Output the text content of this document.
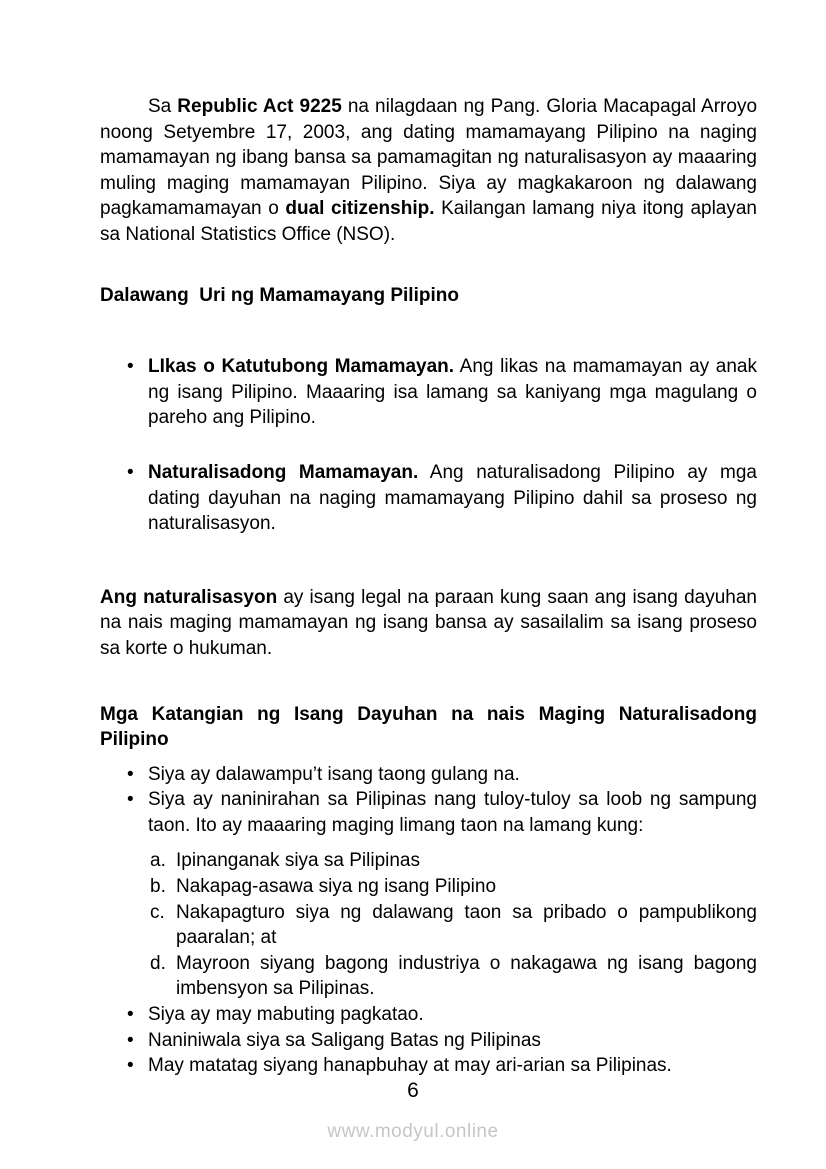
Sa Republic Act 9225 na nilagdaan ng Pang. Gloria Macapagal Arroyo noong Setyembre 17, 2003, ang dating mamamayang Pilipino na naging mamamayan ng ibang bansa sa pamamagitan ng naturalisasyon ay maaaring muling maging mamamayan Pilipino. Siya ay magkakaroon ng dalawang pagkamamamayan o dual citizenship. Kailangan lamang niya itong aplayan sa National Statistics Office (NSO).

Dalawang  Uri ng Mamamayang Pilipino

• LIkas o Katutubong Mamamayan. Ang likas na mamamayan ay anak ng isang Pilipino. Maaaring isa lamang sa kaniyang mga magulang o pareho ang Pilipino.
• Naturalisadong Mamamayan. Ang naturalisadong Pilipino ay mga dating dayuhan na naging mamamayang Pilipino dahil sa proseso ng naturalisasyon.

Ang naturalisasyon ay isang legal na paraan kung saan ang isang dayuhan na nais maging mamamayan ng isang bansa ay sasailalim sa isang proseso sa korte o hukuman.

Mga Katangian ng Isang Dayuhan na nais Maging Naturalisadong Pilipino

• Siya ay dalawampu’t isang taong gulang na.
• Siya ay naninirahan sa Pilipinas nang tuloy-tuloy sa loob ng sampung taon. Ito ay maaaring maging limang taon na lamang kung:
a. Ipinanganak siya sa Pilipinas
b. Nakapag-asawa siya ng isang Pilipino
c. Nakapagturo siya ng dalawang taon sa pribado o pampublikong paaralan; at
d. Mayroon siyang bagong industriya o nakagawa ng isang bagong imbensyon sa Pilipinas.
• Siya ay may mabuting pagkatao.
• Naniniwala siya sa Saligang Batas ng Pilipinas
• May matatag siyang hanapbuhay at may ari-arian sa Pilipinas.
6
www.modyul.online
